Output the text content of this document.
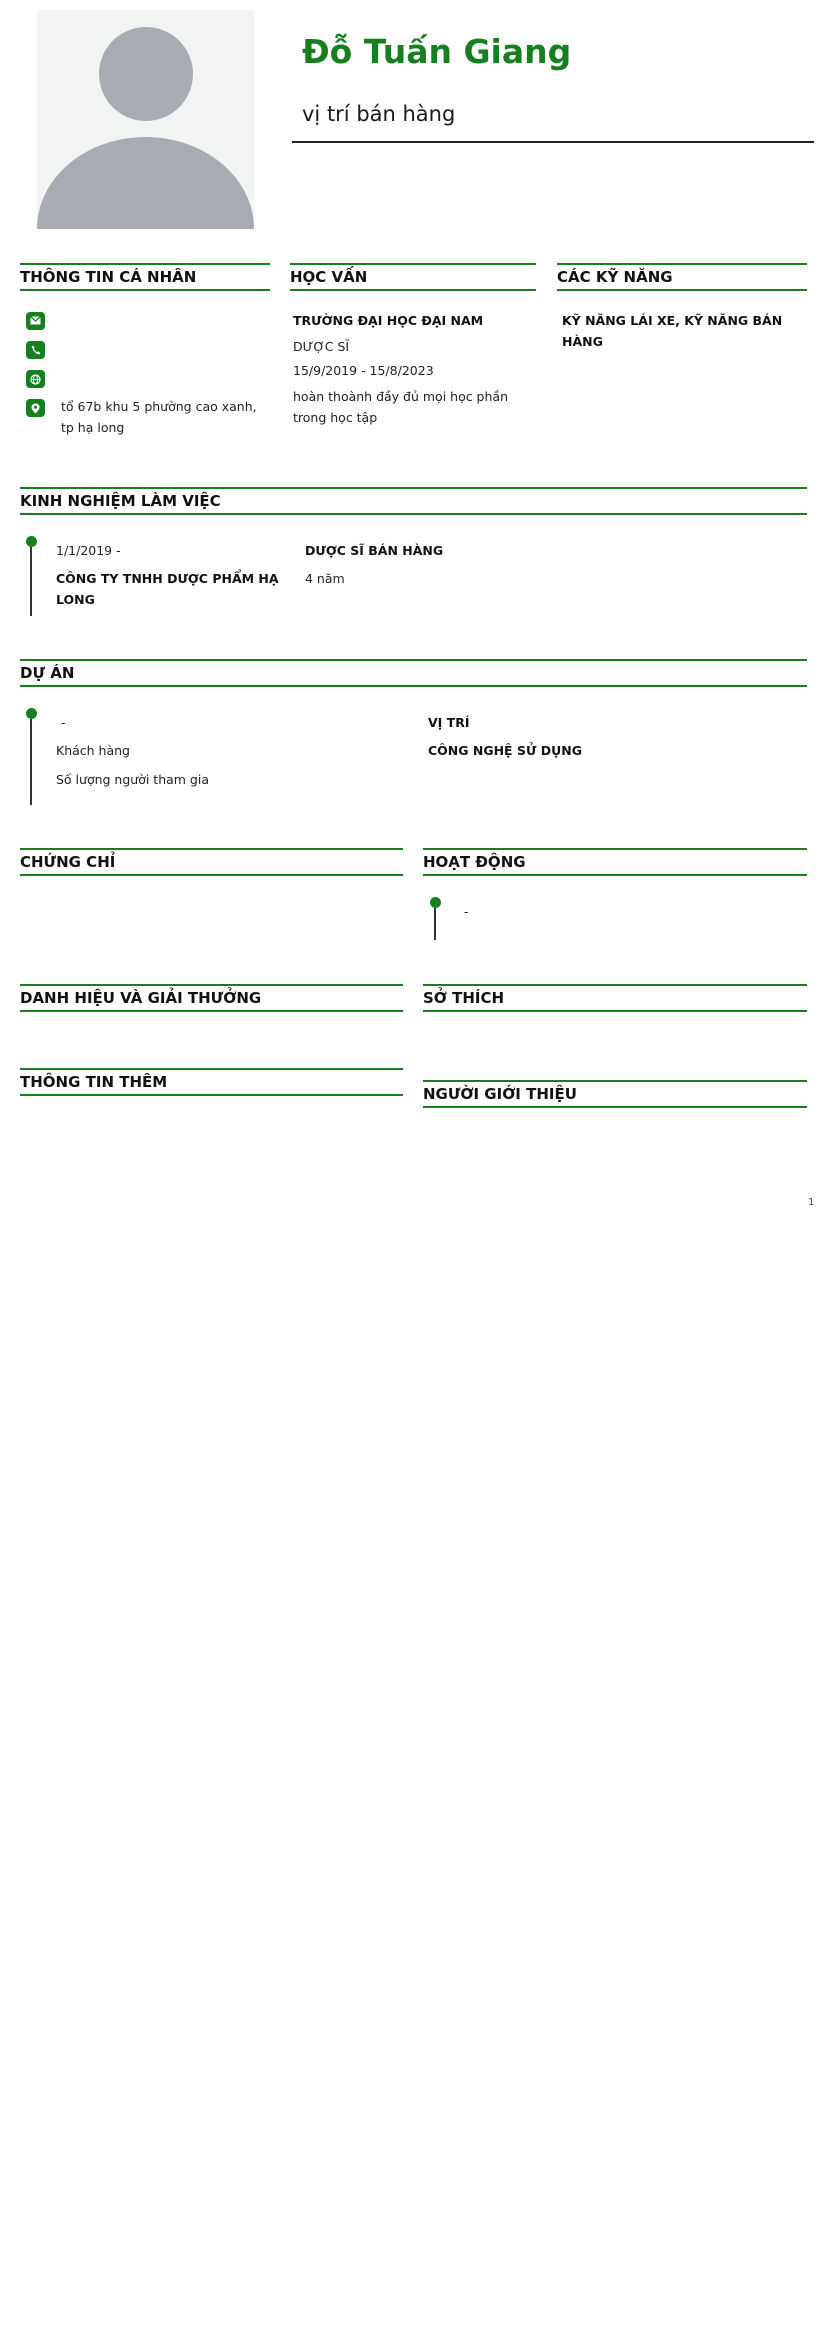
Đỗ Tuấn Giang
vị trí bán hàng
THÔNG TIN CÁ NHÂN
tổ 67b khu 5 phường cao xanh, tp hạ long
HỌC VẤN
TRƯỜNG ĐẠI HỌC ĐẠI NAM
DƯỢC SĨ
15/9/2019 - 15/8/2023
hoàn thoành đầy đủ mọi học phần trong học tập
CÁC KỸ NĂNG
KỸ NĂNG LÁI XE, KỸ NĂNG BÁN HÀNG
KINH NGHIỆM LÀM VIỆC
1/1/2019 -
CÔNG TY TNHH DƯỢC PHẨM HẠ LONG
DƯỢC SĨ BÁN HÀNG
4 năm
DỰ ÁN
-
Khách hàng
Số lượng người tham gia
VỊ TRÍ
CÔNG NGHỆ SỬ DỤNG
CHỨNG CHỈ	HOẠT ĐỘNG
-
DANH HIỆU VÀ GIẢI THƯỞNG	SỞ THÍCH
THÔNG TIN THÊM
NGƯỜI GIỚI THIỆU
1
